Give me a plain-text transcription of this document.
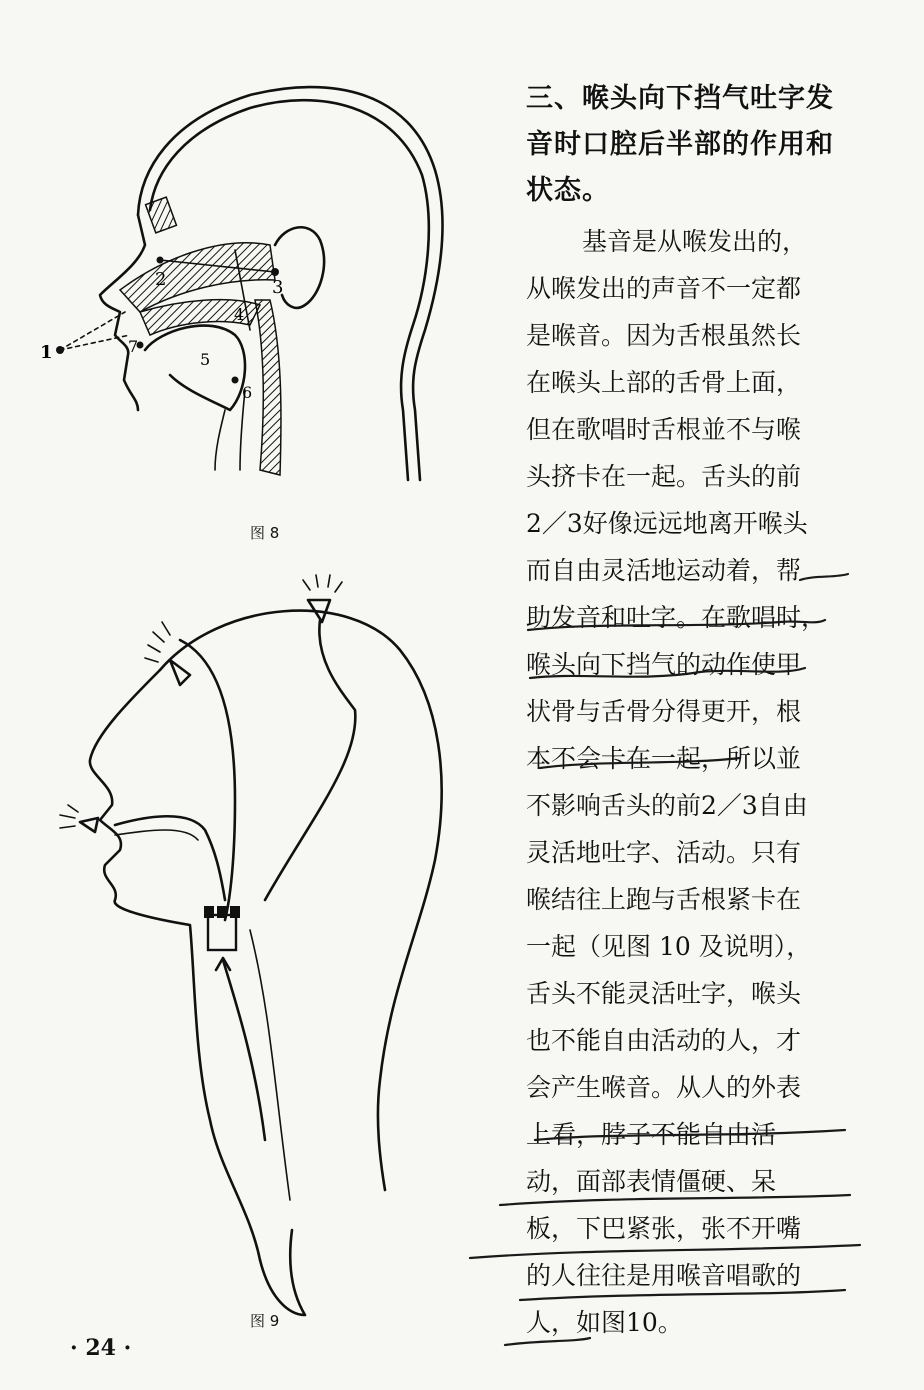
1
2	3
4
5
6
7
图 8
图 9
三、喉头向下挡气吐字发
音时口腔后半部的作用和
状态。
基音是从喉发出的，
从喉发出的声音不一定都
是喉音。因为舌根虽然长
在喉头上部的舌骨上面，
但在歌唱时舌根並不与喉
头挤卡在一起。舌头的前
2／3好像远远地离开喉头
而自由灵活地运动着，帮
助发音和吐字。在歌唱时，
喉头向下挡气的动作使甲
状骨与舌骨分得更开，根
本不会卡在一起，所以並
不影响舌头的前2／3自由
灵活地吐字、活动。只有
喉结往上跑与舌根紧卡在
一起（见图 10 及说明），
舌头不能灵活吐字，喉头
也不能自由活动的人，才
会产生喉音。从人的外表
上看，脖子不能自由活
动，面部表情僵硬、呆
板，下巴紧张，张不开嘴
的人往往是用喉音唱歌的
人，如图10。
· 24 ·
